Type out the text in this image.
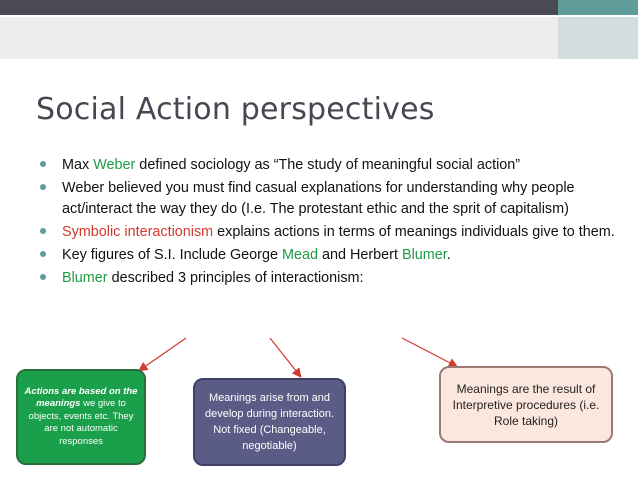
Social Action perspectives
Max Weber defined sociology as “The study of meaningful social action”
Weber believed you must find casual explanations for understanding why people act/interact the way they do (I.e. The protestant ethic and the sprit of capitalism)
Symbolic interactionism explains actions in terms of meanings individuals give to them.
Key figures of S.I. Include George Mead and Herbert Blumer.
Blumer described 3 principles of interactionism:
Actions are based on the meanings we give to objects, events etc. They are not automatic responses
Meanings arise from and develop during interaction. Not fixed (Changeable, negotiable)
Meanings are the result of Interpretive procedures (i.e. Role taking)
